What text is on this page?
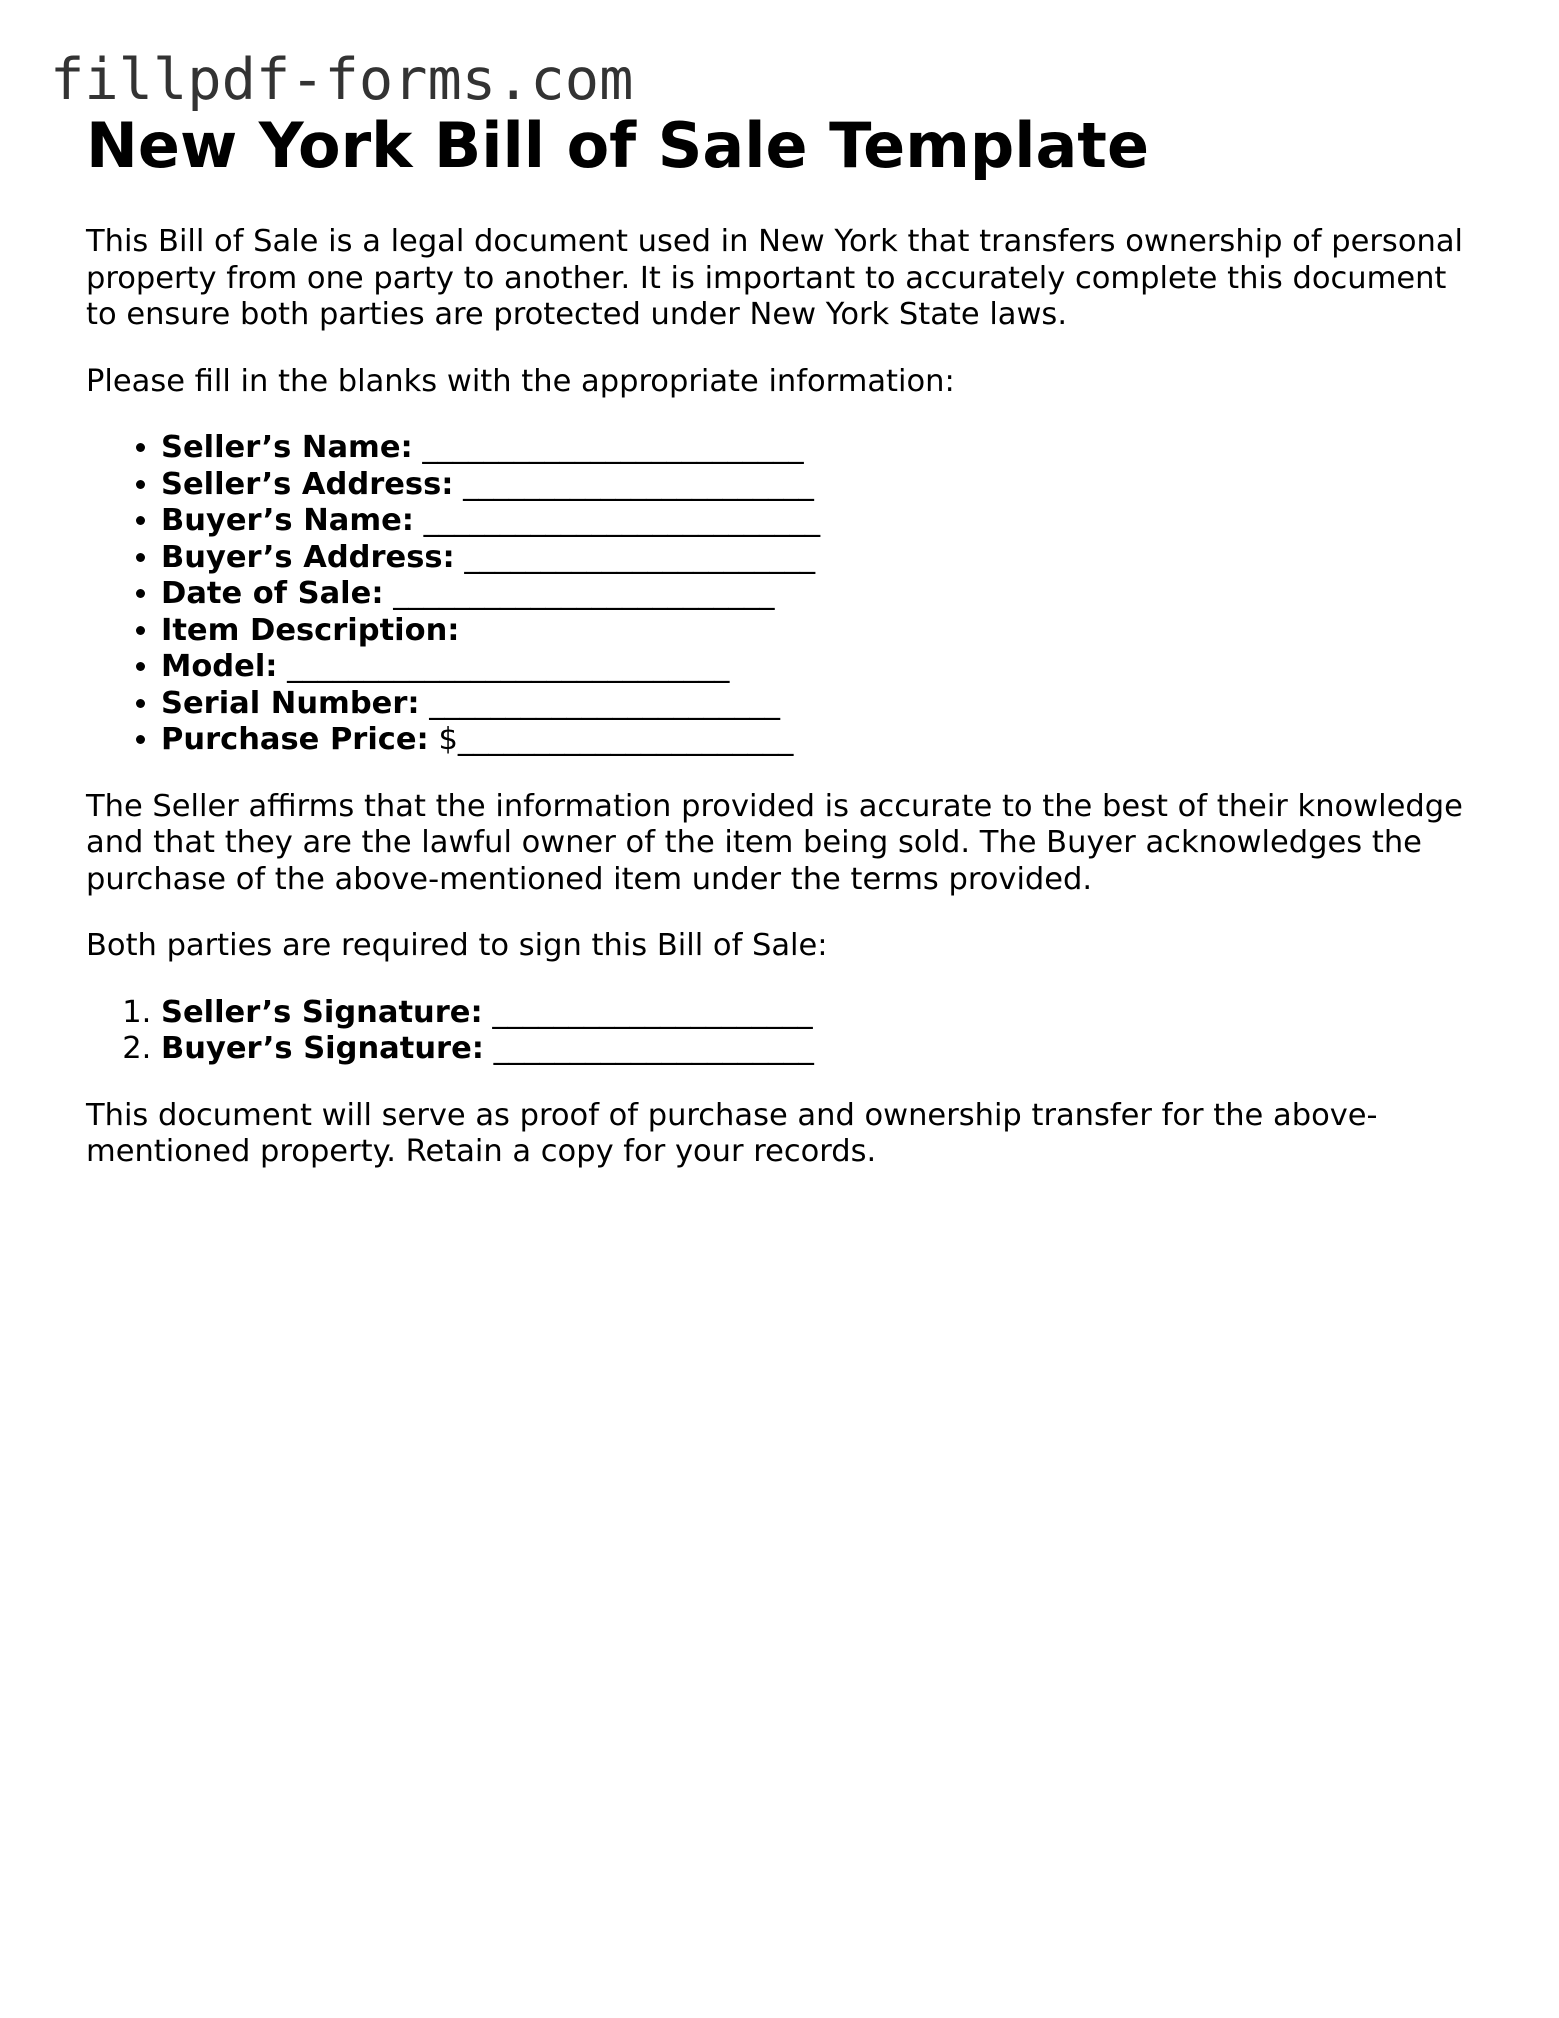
fillpdf-forms.com
New York Bill of Sale Template

This Bill of Sale is a legal document used in New York that transfers ownership of personal property from one party to another. It is important to accurately complete this document to ensure both parties are protected under New York State laws.

Please fill in the blanks with the appropriate information:

• Seller’s Name: _________________________
• Seller’s Address: _______________________
• Buyer’s Name: __________________________
• Buyer’s Address: _______________________
• Date of Sale: _________________________
• Item Description:
• Model: _____________________________
• Serial Number: _______________________
• Purchase Price: $______________________

The Seller affirms that the information provided is accurate to the best of their knowledge and that they are the lawful owner of the item being sold. The Buyer acknowledges the purchase of the above-mentioned item under the terms provided.

Both parties are required to sign this Bill of Sale:

1. Seller’s Signature: _____________________
2. Buyer’s Signature: _____________________

This document will serve as proof of purchase and ownership transfer for the above-mentioned property. Retain a copy for your records.
